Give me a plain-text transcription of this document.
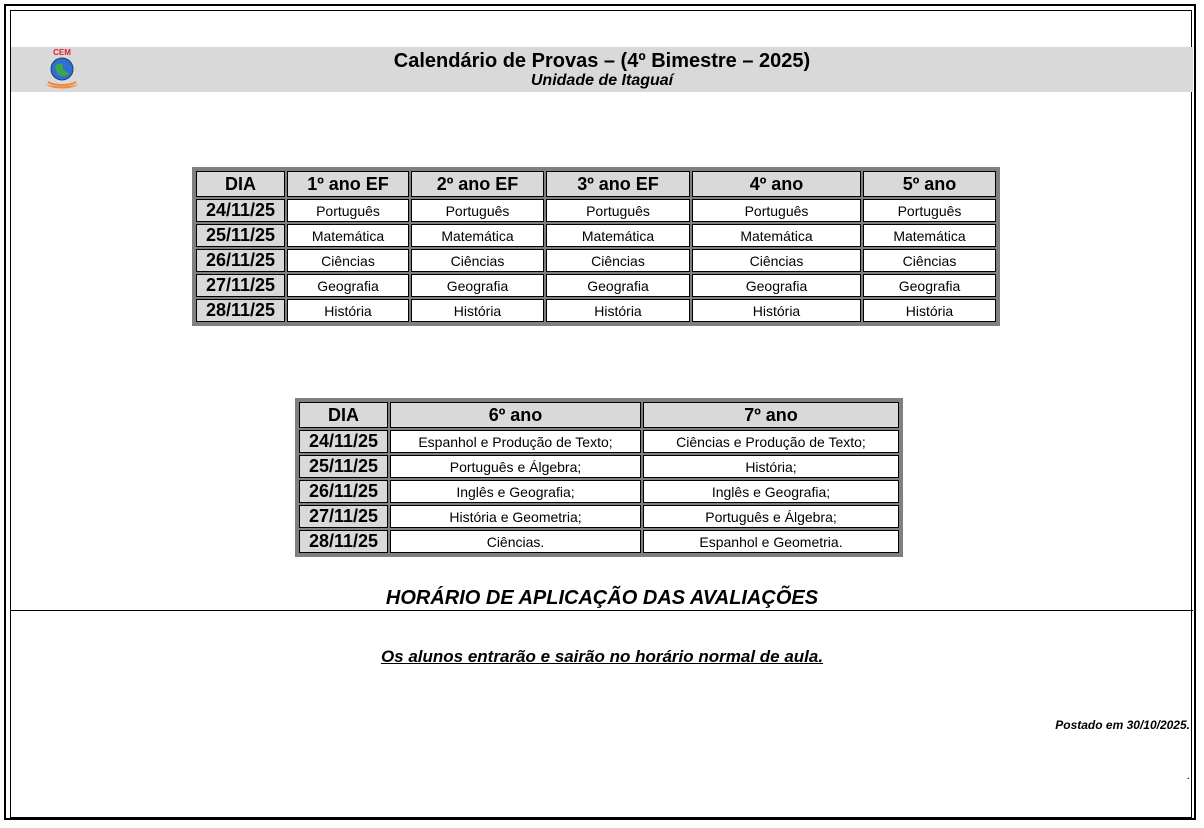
Calendário de Provas – (4º Bimestre – 2025)
Unidade de Itaguaí
CEM
DIA	1º ano EF	2º ano EF	3º ano EF	4º ano	5º ano
24/11/25	Português	Português	Português	Português	Português
25/11/25	Matemática	Matemática	Matemática	Matemática	Matemática
26/11/25	Ciências	Ciências	Ciências	Ciências	Ciências
27/11/25	Geografia	Geografia	Geografia	Geografia	Geografia
28/11/25	História	História	História	História	História
DIA	6º ano	7º ano
24/11/25	Espanhol e Produção de Texto;	Ciências e Produção de Texto;
25/11/25	Português e Álgebra;	História;
26/11/25	Inglês e Geografia;	Inglês e Geografia;
27/11/25	História e Geometria;	Português e Álgebra;
28/11/25	Ciências.	Espanhol e Geometria.
HORÁRIO DE APLICAÇÃO DAS AVALIAÇÕES
Os alunos entrarão e sairão no horário normal de aula.
Postado em 30/10/2025.
.
